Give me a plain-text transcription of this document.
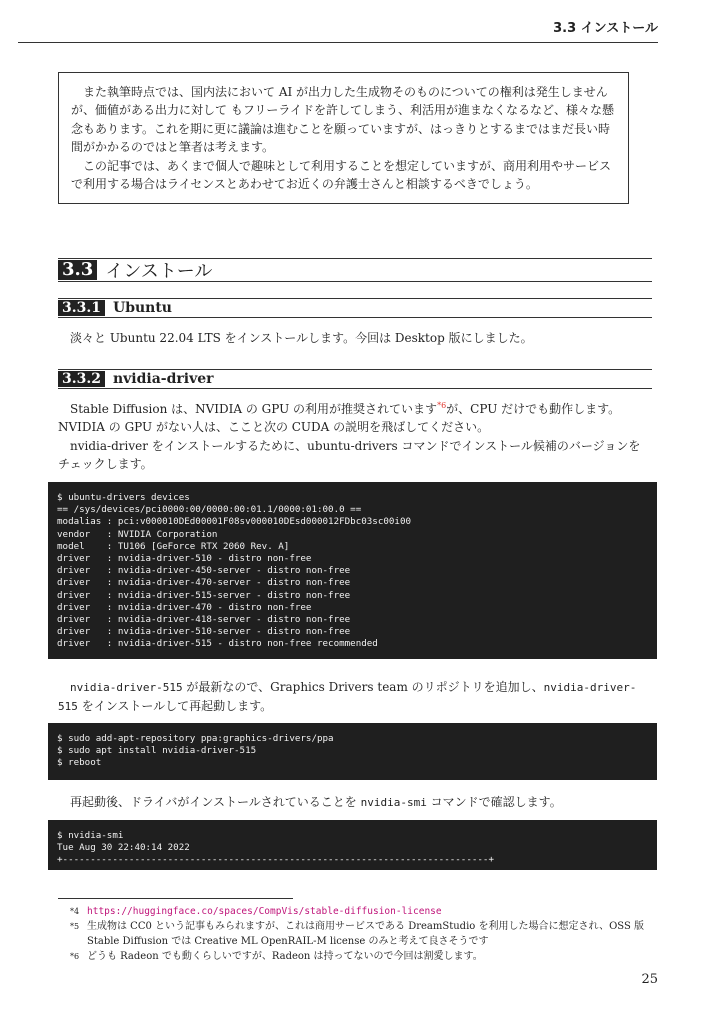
3.3 インストール

また執筆時点では、国内法において AI が出力した生成物そのものについての権利は発生しませんが、価値がある出力に対して もフリーライドを許してしまう、利活用が進まなくなるなど、様々な懸念もあります。これを期に更に議論は進むことを願っていますが、はっきりとするまではまだ長い時間がかかるのではと筆者は考えます。

この記事では、あくまで個人で趣味として利用することを想定していますが、商用利用やサービスで利用する場合はライセンスとあわせてお近くの弁護士さんと相談するべきでしょう。

3.3 インストール
3.3.1 Ubuntu

淡々と Ubuntu 22.04 LTS をインストールします。今回は Desktop 版にしました。

3.3.2 nvidia-driver

Stable Diffusion は、NVIDIA の GPU の利用が推奨されています$^{*6}$が、CPU だけでも動作します。NVIDIA の GPU がない人は、ここと次の CUDA の説明を飛ばしてください。

nvidia-driver をインストールするために、ubuntu-drivers コマンドでインストール候補のバージョンをチェックします。

$ ubuntu-drivers devices
== /sys/devices/pci0000:00/0000:00:01.1/0000:01:00.0 ==
modalias : pci:v000010DEd00001F08sv000010DEsd000012FDbc03sc00i00
vendor   : NVIDIA Corporation
model    : TU106 [GeForce RTX 2060 Rev. A]
driver   : nvidia-driver-510 - distro non-free
driver   : nvidia-driver-450-server - distro non-free
driver   : nvidia-driver-470-server - distro non-free
driver   : nvidia-driver-515-server - distro non-free
driver   : nvidia-driver-470 - distro non-free
driver   : nvidia-driver-418-server - distro non-free
driver   : nvidia-driver-510-server - distro non-free
driver   : nvidia-driver-515 - distro non-free recommended

nvidia-driver-515 が最新なので、Graphics Drivers team のリポジトリを追加し、nvidia-driver-515 をインストールして再起動します。

$ sudo add-apt-repository ppa:graphics-drivers/ppa
$ sudo apt install nvidia-driver-515
$ reboot

再起動後、ドライバがインストールされていることを nvidia-smi コマンドで確認します。

$ nvidia-smi
Tue Aug 30 22:40:14 2022
+-----------------------------------------------------------------------------+
*4 https://huggingface.co/spaces/CompVis/stable-diffusion-license
*5 生成物は CC0 という記事もみられますが、これは商用サービスである DreamStudio を利用した場合に想定され、OSS 版 Stable Diffusion では Creative ML OpenRAIL-M license のみと考えて良さそうです
*6 どうも Radeon でも動くらしいですが、Radeon は持ってないので今回は割愛します。
25
